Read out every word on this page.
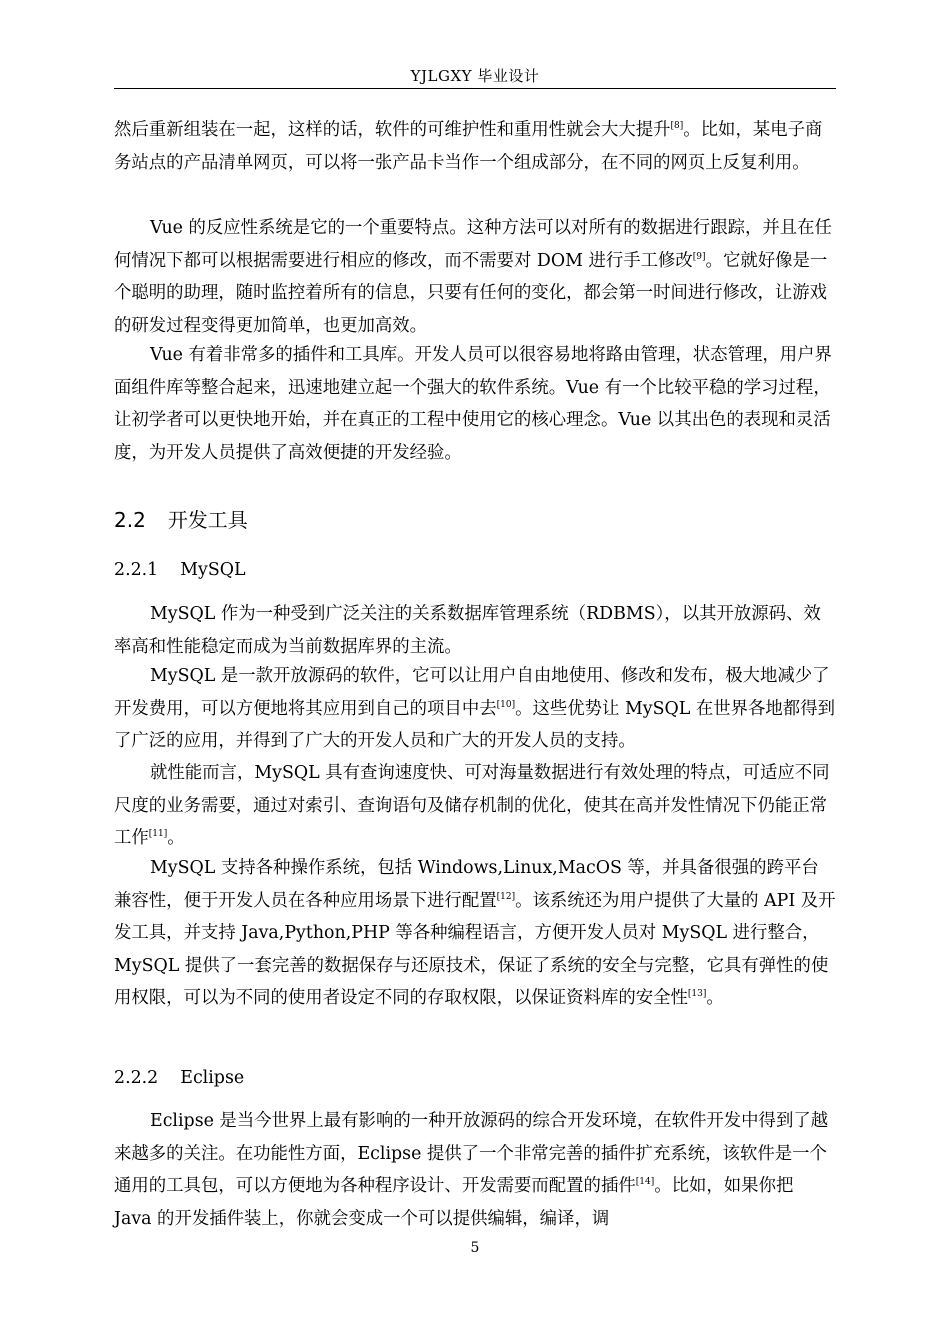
YJLGXY 毕业设计

然后重新组装在一起，这样的话，软件的可维护性和重用性就会大大提升[8]。比如，某电子商务站点的产品清单网页，可以将一张产品卡当作一个组成部分，在不同的网页上反复利用。

Vue 的反应性系统是它的一个重要特点。这种方法可以对所有的数据进行跟踪，并且在任何情况下都可以根据需要进行相应的修改，而不需要对 DOM 进行手工修改[9]。它就好像是一个聪明的助理，随时监控着所有的信息，只要有任何的变化，都会第一时间进行修改，让游戏的研发过程变得更加简单，也更加高效。

Vue 有着非常多的插件和工具库。开发人员可以很容易地将路由管理，状态管理，用户界面组件库等整合起来，迅速地建立起一个强大的软件系统。Vue 有一个比较平稳的学习过程，让初学者可以更快地开始，并在真正的工程中使用它的核心理念。Vue 以其出色的表现和灵活度，为开发人员提供了高效便捷的开发经验。

2.2 开发工具
2.2.1 MySQL

MySQL 作为一种受到广泛关注的关系数据库管理系统（RDBMS），以其开放源码、效率高和性能稳定而成为当前数据库界的主流。

MySQL 是一款开放源码的软件，它可以让用户自由地使用、修改和发布，极大地减少了开发费用，可以方便地将其应用到自己的项目中去[10]。这些优势让 MySQL 在世界各地都得到了广泛的应用，并得到了广大的开发人员和广大的开发人员的支持。

就性能而言，MySQL 具有查询速度快、可对海量数据进行有效处理的特点，可适应不同尺度的业务需要，通过对索引、查询语句及储存机制的优化，使其在高并发性情况下仍能正常工作[11]。

MySQL 支持各种操作系统，包括 Windows,Linux,MacOS 等，并具备很强的跨平台兼容性，便于开发人员在各种应用场景下进行配置[12]。该系统还为用户提供了大量的 API 及开发工具，并支持 Java,Python,PHP 等各种编程语言，方便开发人员对 MySQL 进行整合，MySQL 提供了一套完善的数据保存与还原技术，保证了系统的安全与完整，它具有弹性的使用权限，可以为不同的使用者设定不同的存取权限，以保证资料库的安全性[13]。

2.2.2 Eclipse

Eclipse 是当今世界上最有影响的一种开放源码的综合开发环境，在软件开发中得到了越来越多的关注。在功能性方面，Eclipse 提供了一个非常完善的插件扩充系统，该软件是一个通用的工具包，可以方便地为各种程序设计、开发需要而配置的插件[14]。比如，如果你把 Java 的开发插件装上，你就会变成一个可以提供编辑，编译，调

5
